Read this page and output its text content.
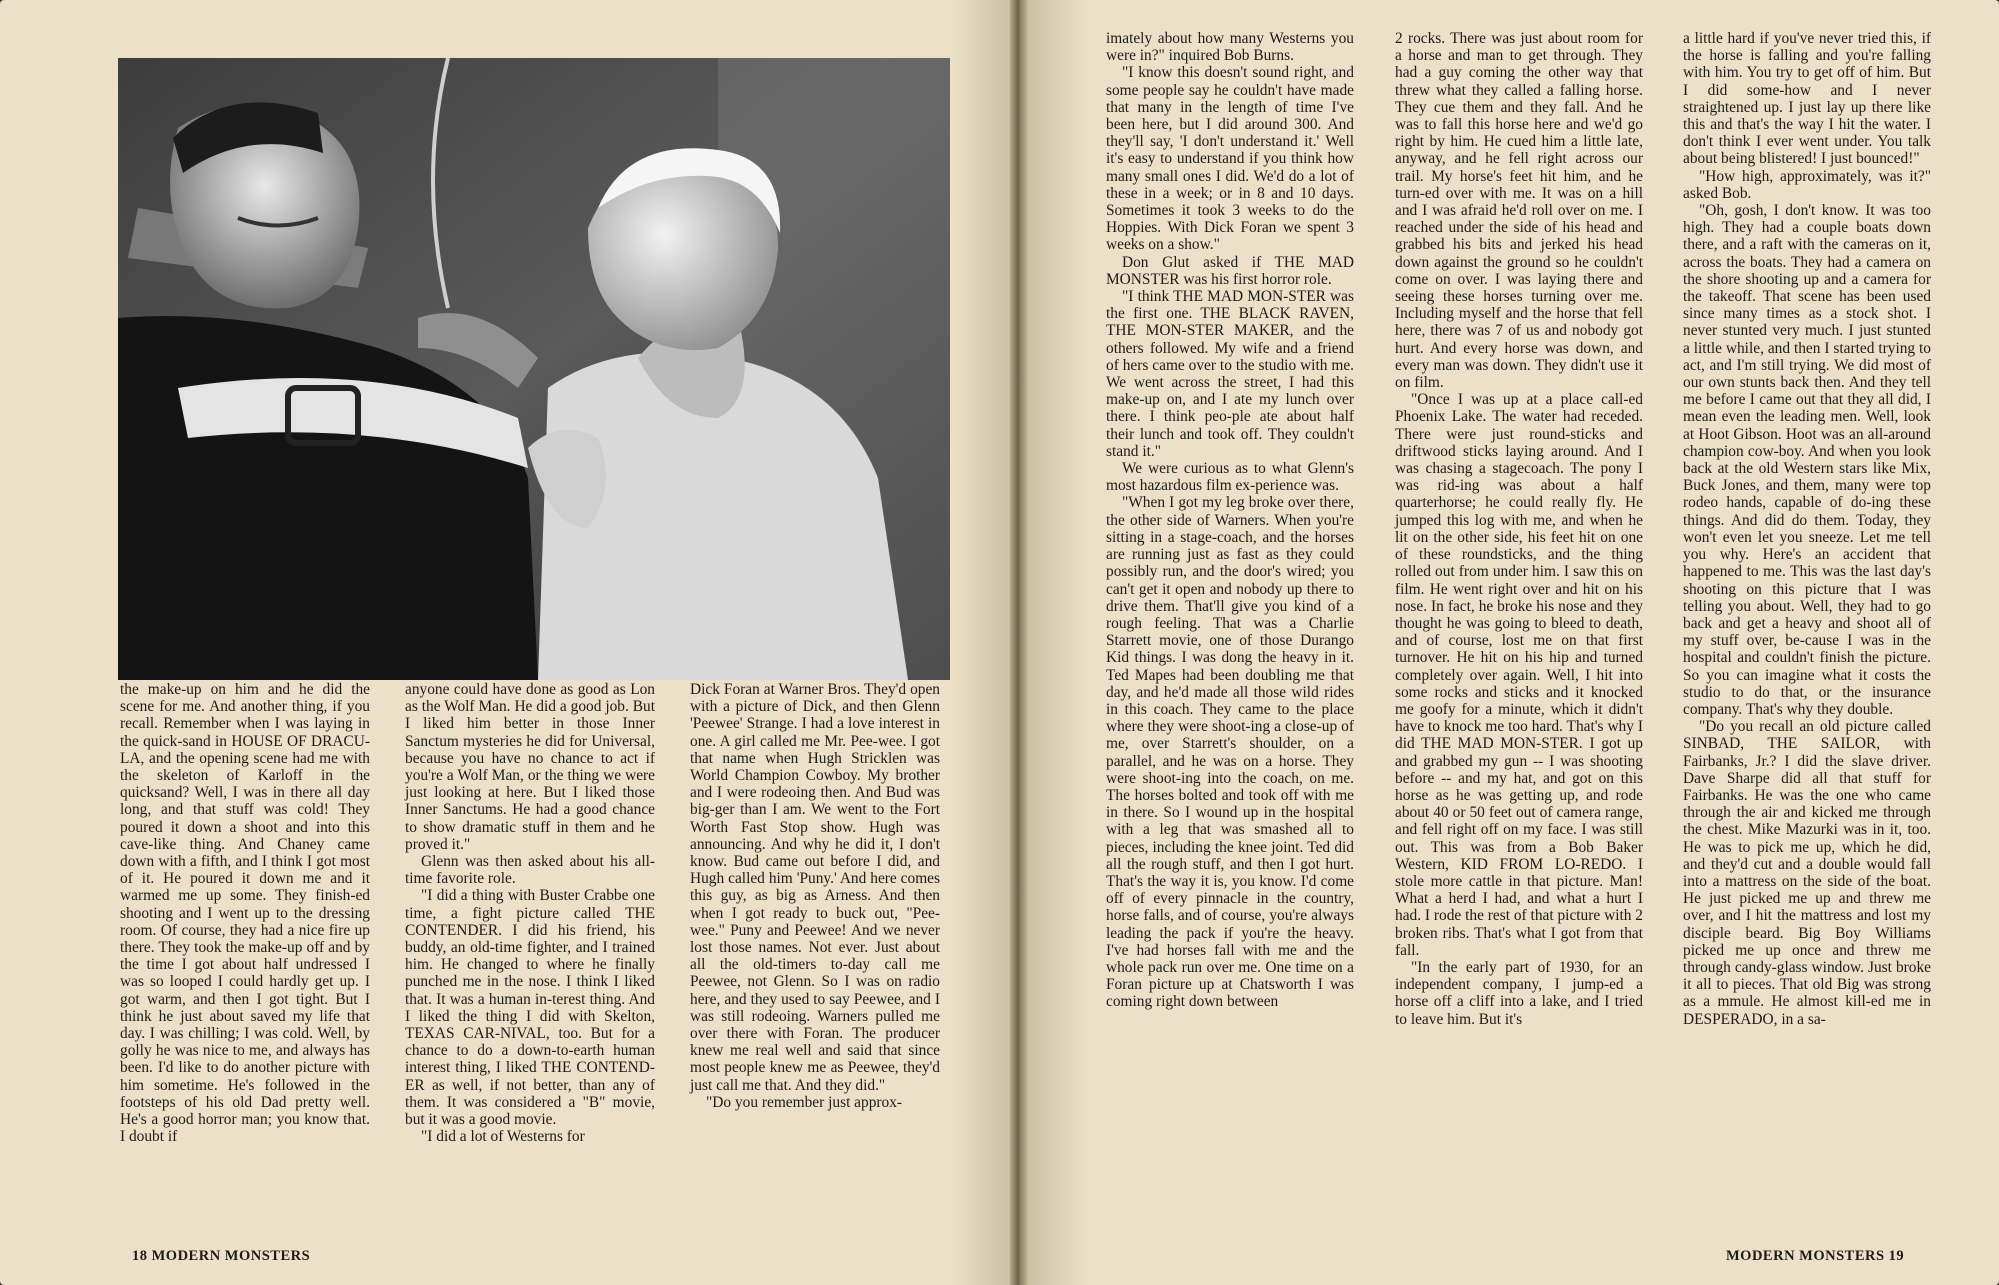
the make-up on him and he did the scene for me. And another thing, if you recall. Remember when I was laying in the quick-sand in HOUSE OF DRACU-LA, and the opening scene had me with the skeleton of Karloff in the quicksand? Well, I was in there all day long, and that stuff was cold! They poured it down a shoot and into this cave-like thing. And Chaney came down with a fifth, and I think I got most of it. He poured it down me and it warmed me up some. They finish-ed shooting and I went up to the dressing room. Of course, they had a nice fire up there. They took the make-up off and by the time I got about half undressed I was so looped I could hardly get up. I got warm, and then I got tight. But I think he just about saved my life that day. I was chilling; I was cold. Well, by golly he was nice to me, and always has been. I'd like to do another picture with him sometime. He's followed in the footsteps of his old Dad pretty well. He's a good horror man; you know that. I doubt if

anyone could have done as good as Lon as the Wolf Man. He did a good job. But I liked him better in those Inner Sanctum mysteries he did for Universal, because you have no chance to act if you're a Wolf Man, or the thing we were just looking at here. But I liked those Inner Sanctums. He had a good chance to show dramatic stuff in them and he proved it."

Glenn was then asked about his all-time favorite role.

"I did a thing with Buster Crabbe one time, a fight picture called THE CONTENDER. I did his friend, his buddy, an old-time fighter, and I trained him. He changed to where he finally punched me in the nose. I think I liked that. It was a human in-terest thing. And I liked the thing I did with Skelton, TEXAS CAR-NIVAL, too. But for a chance to do a down-to-earth human interest thing, I liked THE CONTEND-ER as well, if not better, than any of them. It was considered a "B" movie, but it was a good movie.

"I did a lot of Westerns for

Dick Foran at Warner Bros. They'd open with a picture of Dick, and then Glenn 'Peewee' Strange. I had a love interest in one. A girl called me Mr. Pee-wee. I got that name when Hugh Stricklen was World Champion Cowboy. My brother and I were rodeoing then. And Bud was big-ger than I am. We went to the Fort Worth Fast Stop show. Hugh was announcing. And why he did it, I don't know. Bud came out before I did, and Hugh called him 'Puny.' And here comes this guy, as big as Arness. And then when I got ready to buck out, "Pee-wee." Puny and Peewee! And we never lost those names. Not ever. Just about all the old-timers to-day call me Peewee, not Glenn. So I was on radio here, and they used to say Peewee, and I was still rodeoing. Warners pulled me over there with Foran. The producer knew me real well and said that since most people knew me as Peewee, they'd just call me that. And they did."

"Do you remember just approx-

18 MODERN MONSTERS

imately about how many Westerns you were in?" inquired Bob Burns.

"I know this doesn't sound right, and some people say he couldn't have made that many in the length of time I've been here, but I did around 300. And they'll say, 'I don't understand it.' Well it's easy to understand if you think how many small ones I did. We'd do a lot of these in a week; or in 8 and 10 days. Sometimes it took 3 weeks to do the Hoppies. With Dick Foran we spent 3 weeks on a show."

Don Glut asked if THE MAD MONSTER was his first horror role.

"I think THE MAD MON-STER was the first one. THE BLACK RAVEN, THE MON-STER MAKER, and the others followed. My wife and a friend of hers came over to the studio with me. We went across the street, I had this make-up on, and I ate my lunch over there. I think peo-ple ate about half their lunch and took off. They couldn't stand it."

We were curious as to what Glenn's most hazardous film ex-perience was.

"When I got my leg broke over there, the other side of Warners. When you're sitting in a stage-coach, and the horses are running just as fast as they could possibly run, and the door's wired; you can't get it open and nobody up there to drive them. That'll give you kind of a rough feeling. That was a Charlie Starrett movie, one of those Durango Kid things. I was dong the heavy in it. Ted Mapes had been doubling me that day, and he'd made all those wild rides in this coach. They came to the place where they were shoot-ing a close-up of me, over Starrett's shoulder, on a parallel, and he was on a horse. They were shoot-ing into the coach, on me. The horses bolted and took off with me in there. So I wound up in the hospital with a leg that was smashed all to pieces, including the knee joint. Ted did all the rough stuff, and then I got hurt. That's the way it is, you know. I'd come off of every pinnacle in the country, horse falls, and of course, you're always leading the pack if you're the heavy. I've had horses fall with me and the whole pack run over me. One time on a Foran picture up at Chatsworth I was coming right down between

2 rocks. There was just about room for a horse and man to get through. They had a guy coming the other way that threw what they called a falling horse. They cue them and they fall. And he was to fall this horse here and we'd go right by him. He cued him a little late, anyway, and he fell right across our trail. My horse's feet hit him, and he turn-ed over with me. It was on a hill and I was afraid he'd roll over on me. I reached under the side of his head and grabbed his bits and jerked his head down against the ground so he couldn't come on over. I was laying there and seeing these horses turning over me. Including myself and the horse that fell here, there was 7 of us and nobody got hurt. And every horse was down, and every man was down. They didn't use it on film.

"Once I was up at a place call-ed Phoenix Lake. The water had receded. There were just round-sticks and driftwood sticks laying around. And I was chasing a stagecoach. The pony I was rid-ing was about a half quarterhorse; he could really fly. He jumped this log with me, and when he lit on the other side, his feet hit on one of these roundsticks, and the thing rolled out from under him. I saw this on film. He went right over and hit on his nose. In fact, he broke his nose and they thought he was going to bleed to death, and of course, lost me on that first turnover. He hit on his hip and turned completely over again. Well, I hit into some rocks and sticks and it knocked me goofy for a minute, which it didn't have to knock me too hard. That's why I did THE MAD MON-STER. I got up and grabbed my gun -- I was shooting before -- and my hat, and got on this horse as he was getting up, and rode about 40 or 50 feet out of camera range, and fell right off on my face. I was still out. This was from a Bob Baker Western, KID FROM LO-REDO. I stole more cattle in that picture. Man! What a herd I had, and what a hurt I had. I rode the rest of that picture with 2 broken ribs. That's what I got from that fall.

"In the early part of 1930, for an independent company, I jump-ed a horse off a cliff into a lake, and I tried to leave him. But it's

a little hard if you've never tried this, if the horse is falling and you're falling with him. You try to get off of him. But I did some-how and I never straightened up. I just lay up there like this and that's the way I hit the water. I don't think I ever went under. You talk about being blistered! I just bounced!"

"How high, approximately, was it?" asked Bob.

"Oh, gosh, I don't know. It was too high. They had a couple boats down there, and a raft with the cameras on it, across the boats. They had a camera on the shore shooting up and a camera for the takeoff. That scene has been used since many times as a stock shot. I never stunted very much. I just stunted a little while, and then I started trying to act, and I'm still trying. We did most of our own stunts back then. And they tell me before I came out that they all did, I mean even the leading men. Well, look at Hoot Gibson. Hoot was an all-around champion cow-boy. And when you look back at the old Western stars like Mix, Buck Jones, and them, many were top rodeo hands, capable of do-ing these things. And did do them. Today, they won't even let you sneeze. Let me tell you why. Here's an accident that happened to me. This was the last day's shooting on this picture that I was telling you about. Well, they had to go back and get a heavy and shoot all of my stuff over, be-cause I was in the hospital and couldn't finish the picture. So you can imagine what it costs the studio to do that, or the insurance company. That's why they double.

"Do you recall an old picture called SINBAD, THE SAILOR, with Fairbanks, Jr.? I did the slave driver. Dave Sharpe did all that stuff for Fairbanks. He was the one who came through the air and kicked me through the chest. Mike Mazurki was in it, too. He was to pick me up, which he did, and they'd cut and a double would fall into a mattress on the side of the boat. He just picked me up and threw me over, and I hit the mattress and lost my disciple beard. Big Boy Williams picked me up once and threw me through candy-glass window. Just broke it all to pieces. That old Big was strong as a mmule. He almost kill-ed me in DESPERADO, in a sa-

MODERN MONSTERS 19
